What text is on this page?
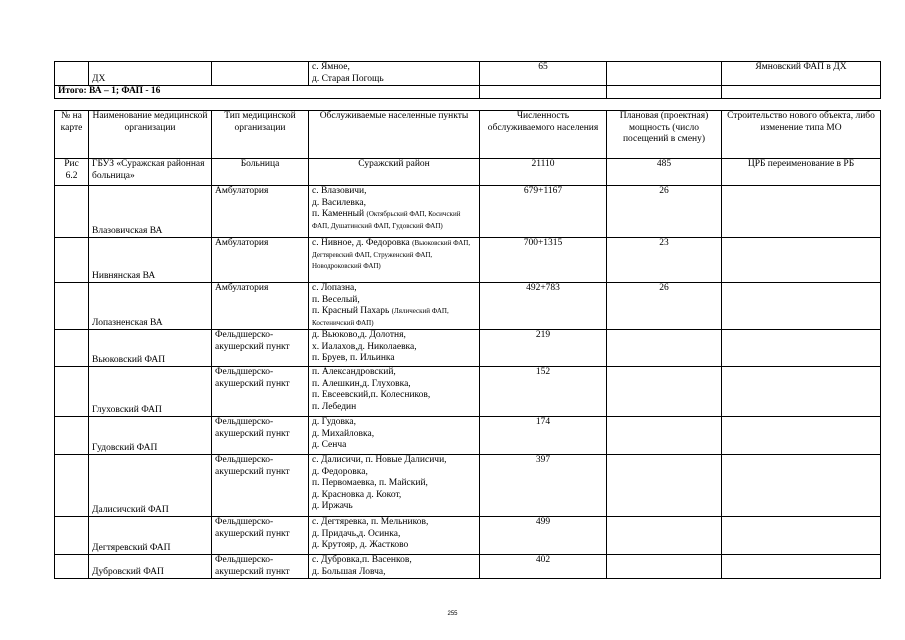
	ДХ		с. Ямное,
д. Старая Погощь	65		Ямновский ФАП в ДХ
Итого: ВА – 1; ФАП - 16						
№ на карте	Наименование медицинской организации	Тип медицинской организации	Обслуживаемые населенные пункты	Численность обслуживаемого населения	Плановая (проектная) мощность (число посещений в смену)	Строительство нового объекта, либо изменение типа МО
Рис 6.2	ГБУЗ «Суражская районная больница»	Больница	Суражский район	21110	485	ЦРБ переименование в РБ
	Влазовичская ВА	Амбулатория	с. Влазовичи,
д. Василевка,
п. Каменный (Октябрьский ФАП, Косичский ФАП, Душатинский ФАП, Гудовский ФАП)	679+1167	26	
	Нивнянская ВА	Амбулатория	с. Нивное, д. Федоровка (Вьюковский ФАП, Дегтяревский ФАП, Струженский ФАП, Новодроковский ФАП)	700+1315	23	
	Лопазненская ВА	Амбулатория	с. Лопазна,
п. Веселый,
п. Красный Пахарь (Лялический ФАП, Костеничский ФАП)	492+783	26	
	Вьюковский ФАП	Фельдшерско-акушерский пункт	д. Вьюково,д. Долотня,
х. Иалахов,д. Николаевка,
п. Бруев, п. Ильинка	219		
	Глуховский ФАП	Фельдшерско-акушерский пункт	п. Александровский,
п. Алешкин,д. Глуховка,
п. Евсеевский,п. Колесников,
п. Лебедин	152		
	Гудовский ФАП	Фельдшерско-акушерский пункт	д. Гудовка,
д. Михайловка,
д. Сенча	174		
	Далисичский ФАП	Фельдшерско-акушерский пункт	с. Далисичи, п. Новые Далисичи,
д. Федоровка,
п. Первомаевка, п. Майский,
д. Красновка д. Кокот,
д. Иржачь	397		
	Дегтяревский ФАП	Фельдшерско-акушерский пункт	с. Дегтяревка, п. Мельников,
д. Придачь,д. Осинка,
д. Крутояр, д. Жастково	499		
	Дубровский ФАП	Фельдшерско-акушерский пункт	с. Дубровка,п. Васенков,
д. Большая Ловча,	402		
255
